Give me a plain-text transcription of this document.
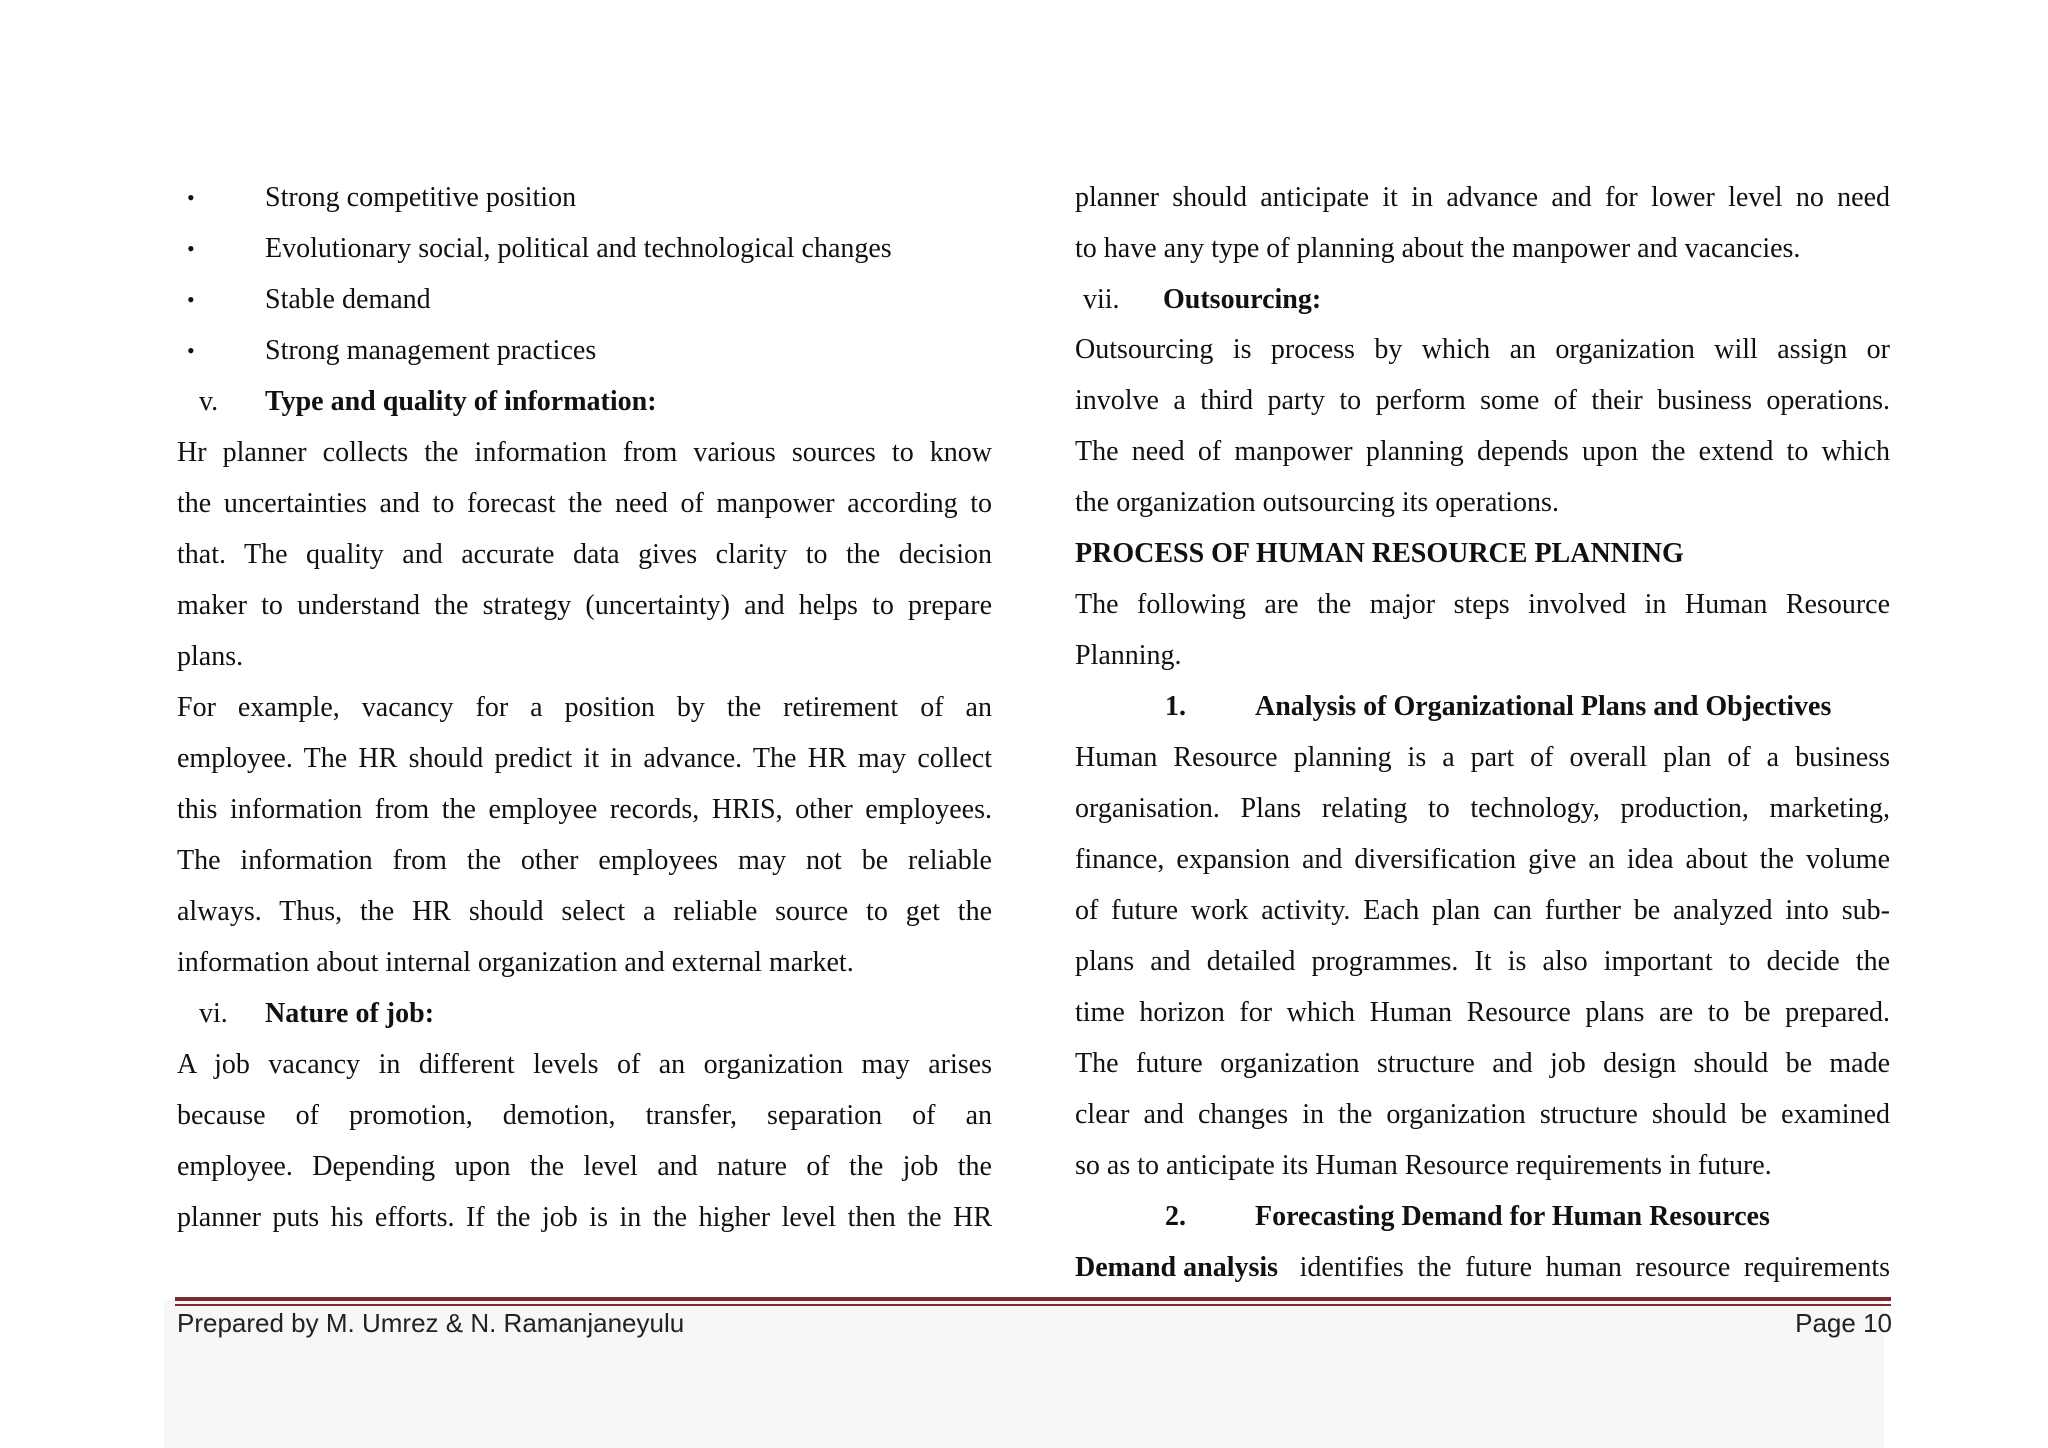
•	Strong competitive position
•	Evolutionary social, political and technological changes
•	Stable demand
•	Strong management practices
v. Type and quality of information:
Hr planner collects the information from various sources to know
the uncertainties and to forecast the need of manpower according to
that. The quality and accurate data gives clarity to the decision
maker to understand the strategy (uncertainty) and helps to prepare
plans.
For example, vacancy for a position by the retirement of an
employee. The HR should predict it in advance. The HR may collect
this information from the employee records, HRIS, other employees.
The information from the other employees may not be reliable
always. Thus, the HR should select a reliable source to get the
information about internal organization and external market.
vi. Nature of job:
A job vacancy in different levels of an organization may arises
because of promotion, demotion, transfer, separation of an
employee. Depending upon the level and nature of the job the
planner puts his efforts. If the job is in the higher level then the HR
planner should anticipate it in advance and for lower level no need
to have any type of planning about the manpower and vacancies.
vii. Outsourcing:
Outsourcing is process by which an organization will assign or
involve a third party to perform some of their business operations.
The need of manpower planning depends upon the extend to which
the organization outsourcing its operations.
PROCESS OF HUMAN RESOURCE PLANNING
The following are the major steps involved in Human Resource
Planning.
1. Analysis of Organizational Plans and Objectives
Human Resource planning is a part of overall plan of a business
organisation. Plans relating to technology, production, marketing,
finance, expansion and diversification give an idea about the volume
of future work activity. Each plan can further be analyzed into sub-
plans and detailed programmes. It is also important to decide the
time horizon for which Human Resource plans are to be prepared.
The future organization structure and job design should be made
clear and changes in the organization structure should be examined
so as to anticipate its Human Resource requirements in future.
2. Forecasting Demand for Human Resources
Demand analysis identifies the future human resource requirements
Prepared by M. Umrez & N. Ramanjaneyulu	Page 10
